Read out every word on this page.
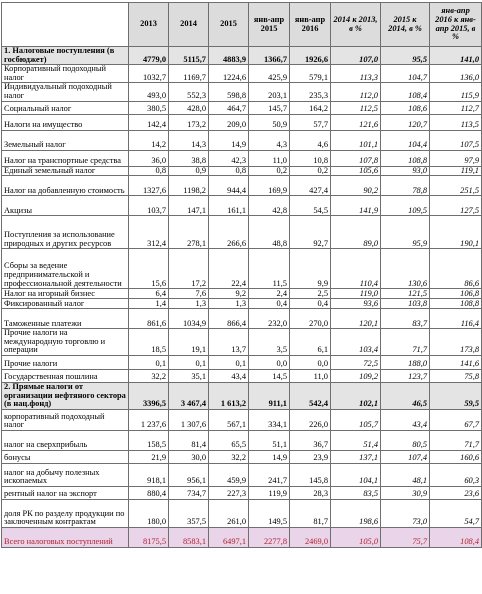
	2013	2014	2015	янв-апр 2015	янв-апр 2016	2014 к 2013, в %	2015 к 2014, в %	янв-апр 2016 к янв-апр 2015, в %
1. Налоговые поступления (в госбюджет)	4779,0	5115,7	4883,9	1366,7	1926,6	107,0	95,5	141,0
Корпоративный подоходный налог	1032,7	1169,7	1224,6	425,9	579,1	113,3	104,7	136,0
Индивидуальный подоходный налог	493,0	552,3	598,8	203,1	235,3	112,0	108,4	115,9
Социальный налог	380,5	428,0	464,7	145,7	164,2	112,5	108,6	112,7
Налоги на имущество	142,4	173,2	209,0	50,9	57,7	121,6	120,7	113,5
Земельный налог	14,2	14,3	14,9	4,3	4,6	101,1	104,4	107,5
Налог на транспортные средства	36,0	38,8	42,3	11,0	10,8	107,8	108,8	97,9
Единый земельный налог	0,8	0,9	0,8	0,2	0,2	105,6	93,0	119,1
Налог на добавленную стоимость	1327,6	1198,2	944,4	169,9	427,4	90,2	78,8	251,5
Акцизы	103,7	147,1	161,1	42,8	54,5	141,9	109,5	127,5
Поступления за использование природных и других ресурсов	312,4	278,1	266,6	48,8	92,7	89,0	95,9	190,1
Сборы за ведение предпринимательской и профессиональной деятельности	15,6	17,2	22,4	11,5	9,9	110,4	130,6	86,6
Налог на игорный бизнес	6,4	7,6	9,2	2,4	2,5	119,0	121,5	106,8
Фиксированный налог	1,4	1,3	1,3	0,4	0,4	93,6	103,8	108,8
Таможенные платежи	861,6	1034,9	866,4	232,0	270,0	120,1	83,7	116,4
Прочие налоги на международную торговлю и операции	18,5	19,1	13,7	3,5	6,1	103,4	71,7	173,8
Прочие налоги	0,1	0,1	0,1	0,0	0,0	72,5	188,0	141,6
Государственная пошлина	32,2	35,1	43,4	14,5	11,0	109,2	123,7	75,8
2. Прямые налоги от организации нефтяного сектора (в нац.фонд)	3396,5	3 467,4	1 613,2	911,1	542,4	102,1	46,5	59,5
корпоративный подоходный налог	1 237,6	1 307,6	567,1	334,1	226,0	105,7	43,4	67,7
налог на сверхприбыль	158,5	81,4	65,5	51,1	36,7	51,4	80,5	71,7
бонусы	21,9	30,0	32,2	14,9	23,9	137,1	107,4	160,6
налог на добычу полезных ископаемых	918,1	956,1	459,9	241,7	145,8	104,1	48,1	60,3
рентный налог на экспорт	880,4	734,7	227,3	119,9	28,3	83,5	30,9	23,6
доля РК по разделу продукции по заключенным контрактам	180,0	357,5	261,0	149,5	81,7	198,6	73,0	54,7
Всего налоговых поступлений	8175,5	8583,1	6497,1	2277,8	2469,0	105,0	75,7	108,4
